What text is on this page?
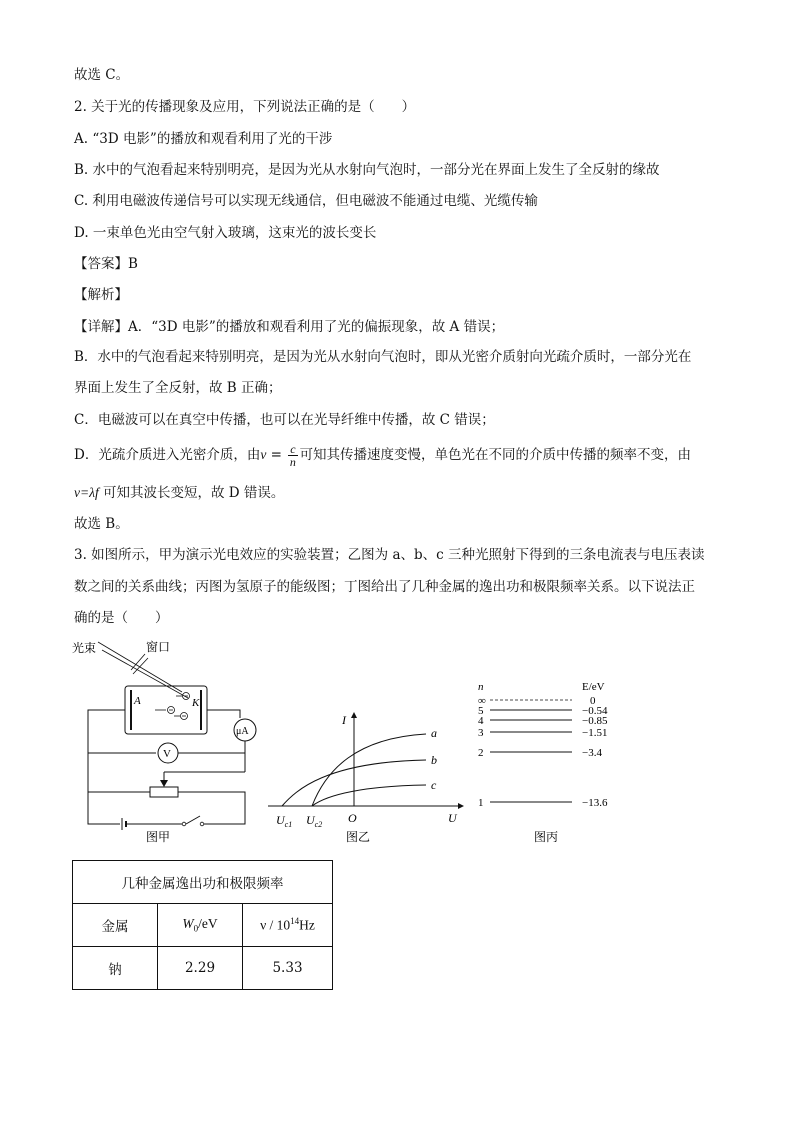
故选 C。
2. 关于光的传播现象及应用，下列说法正确的是（　　）
A. “3D 电影”的播放和观看利用了光的干涉
B. 水中的气泡看起来特别明亮，是因为光从水射向气泡时，一部分光在界面上发生了全反射的缘故
C. 利用电磁波传递信号可以实现无线通信，但电磁波不能通过电缆、光缆传输
D. 一束单色光由空气射入玻璃，这束光的波长变长
【答案】B
【解析】
【详解】A．“3D 电影”的播放和观看利用了光的偏振现象，故 A 错误；
B．水中的气泡看起来特别明亮，是因为光从水射向气泡时，即从光密介质射向光疏介质时，一部分光在
界面上发生了全反射，故 B 正确；
C．电磁波可以在真空中传播，也可以在光导纤维中传播，故 C 错误；
D．光疏介质进入光密介质，由$v = \frac{c}{n}$ 可知其传播速度变慢，单色光在不同的介质中传播的频率不变，由
v=λf 可知其波长变短，故 D 错误。
故选 B。
3. 如图所示，甲为演示光电效应的实验装置；乙图为 a、b、c 三种光照射下得到的三条电流表与电压表读
数之间的关系曲线；丙图为氢原子的能级图；丁图给出了几种金属的逸出功和极限频率关系。以下说法正
确的是（　　）
光束	窗口
A	K
μA
V
图甲
I
U
O
a
b
c
$U_{c1}$ $U_{c2}$
图乙
n	E/eV
∞	0
5	−0.54
4	−0.85
3	−1.51
2	−3.4
1	−13.6
图丙
几种金属逸出功和极限频率		
金属	$W_0/eV$	ν / $10^{14}Hz$
钠	2.29	5.33
